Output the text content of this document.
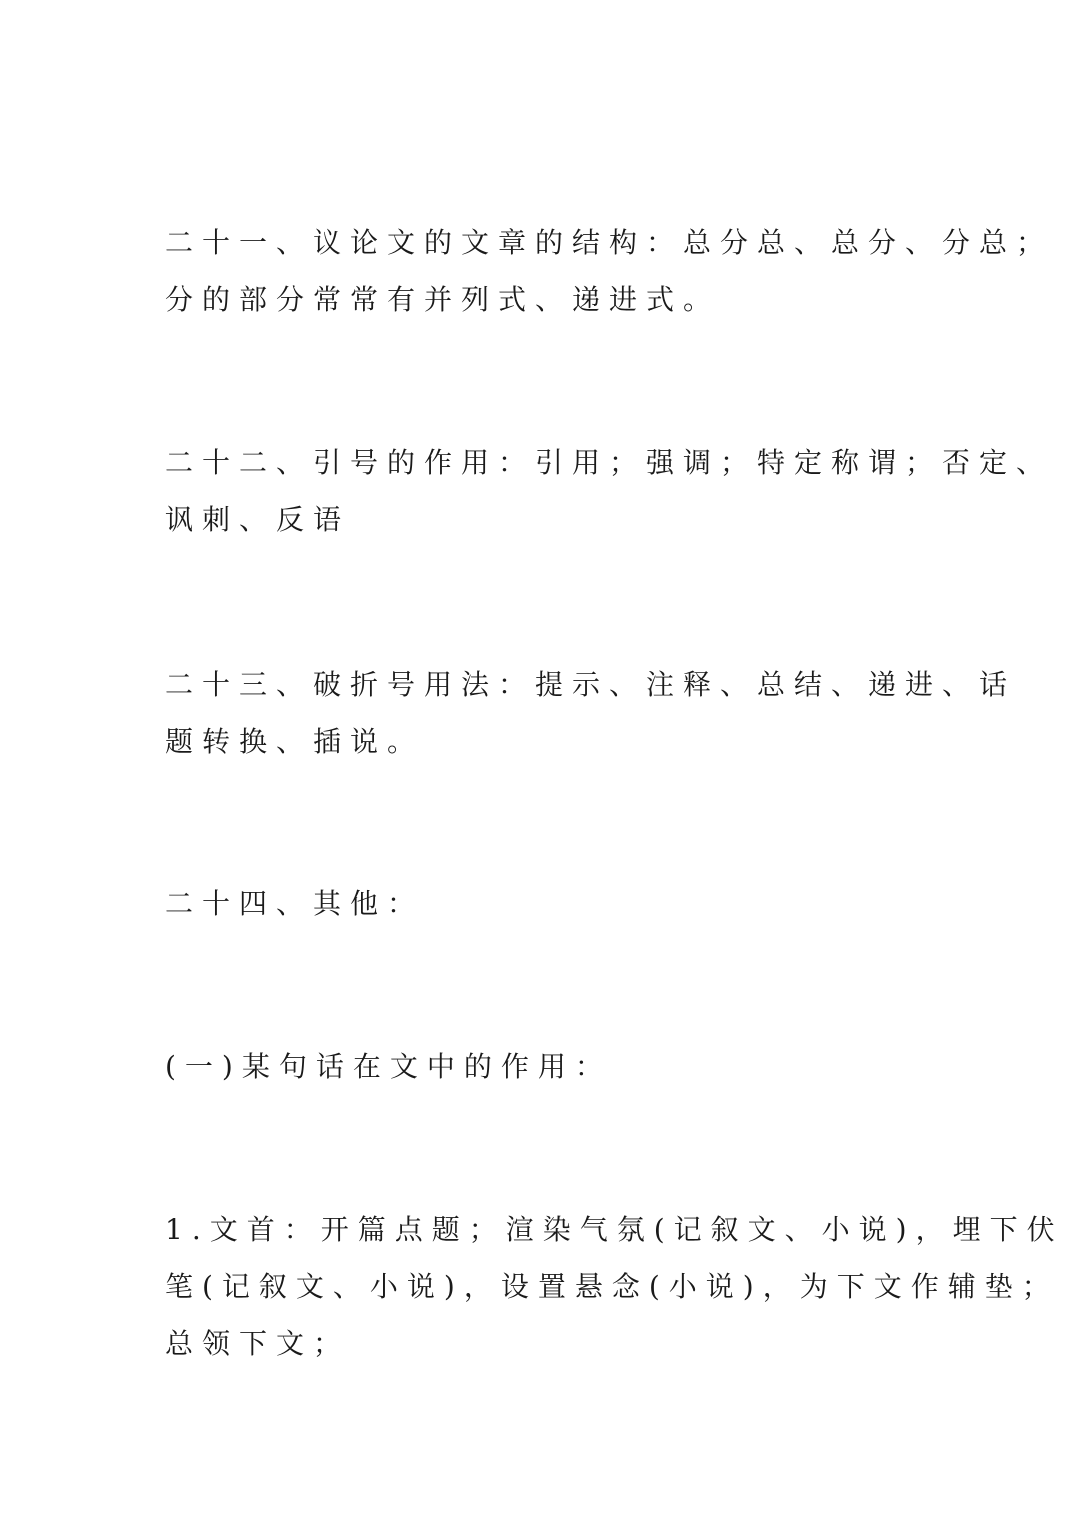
二十一、议论文的文章的结构：总分总、总分、分总；
分的部分常常有并列式、递进式。
二十二、引号的作用：引用；强调；特定称谓；否定、
讽刺、反语
二十三、破折号用法：提示、注释、总结、递进、话
题转换、插说。
二十四、其他：
(一)某句话在文中的作用：
1.文首：开篇点题；渲染气氛(记叙文、小说)，埋下伏
笔(记叙文、小说)，设置悬念(小说)，为下文作辅垫；
总领下文；
